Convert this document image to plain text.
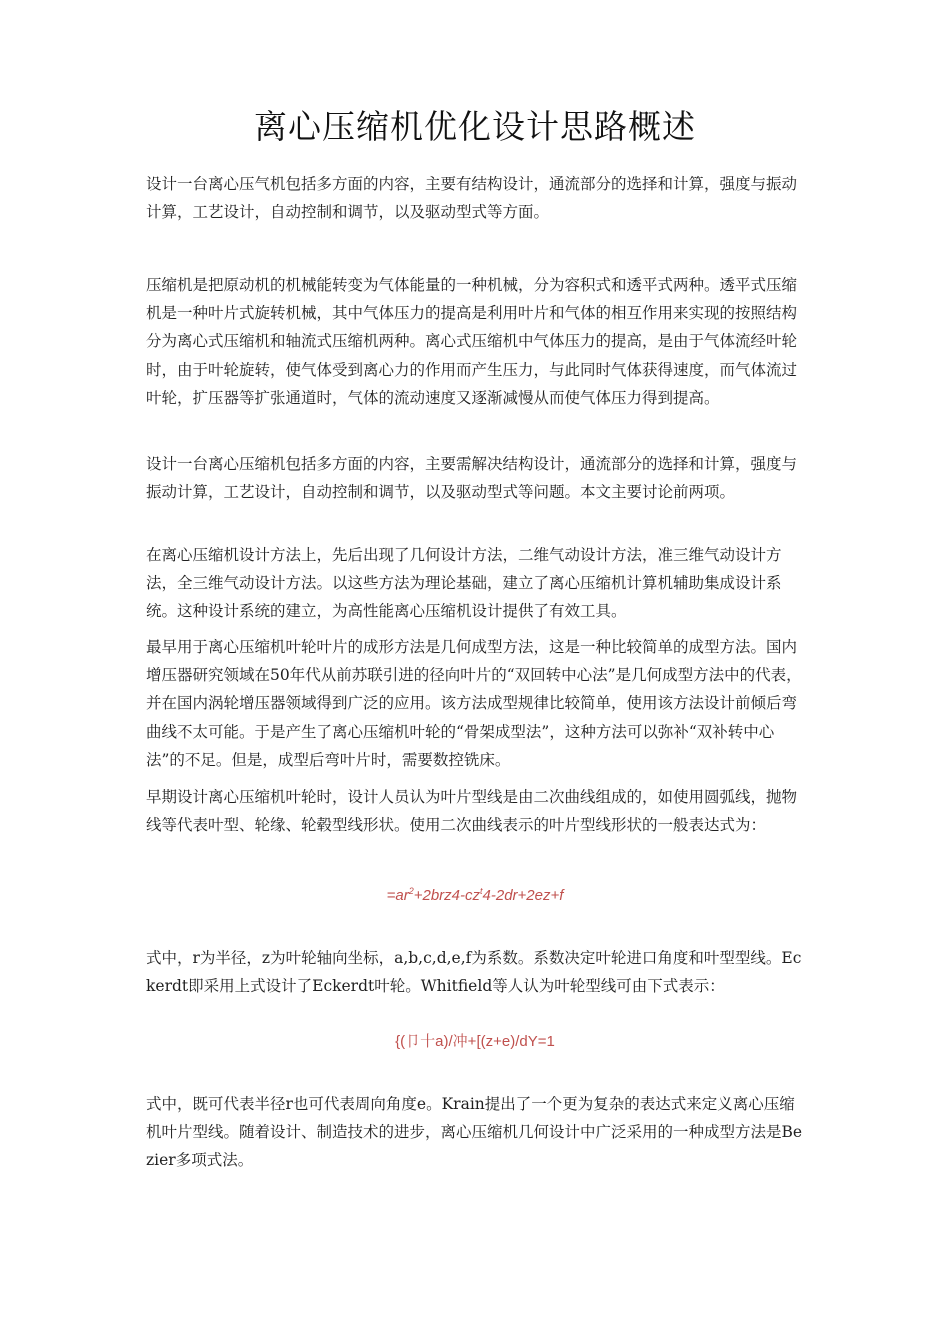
离心压缩机优化设计思路概述
设计一台离心压气机包括多方面的内容，主要有结构设计，通流部分的选择和计算，强度与振动计算，工艺设计，自动控制和调节，以及驱动型式等方面。
压缩机是把原动机的机械能转变为气体能量的一种机械，分为容积式和透平式两种。透平式压缩机是一种叶片式旋转机械，其中气体压力的提高是利用叶片和气体的相互作用来实现的按照结构分为离心式压缩机和轴流式压缩机两种。离心式压缩机中气体压力的提高，是由于气体流经叶轮时，由于叶轮旋转，使气体受到离心力的作用而产生压力，与此同时气体获得速度，而气体流过叶轮，扩压器等扩张通道时，气体的流动速度又逐渐减慢从而使气体压力得到提高。
设计一台离心压缩机包括多方面的内容，主要需解决结构设计，通流部分的选择和计算，强度与振动计算，工艺设计，自动控制和调节，以及驱动型式等问题。本文主要讨论前两项。
在离心压缩机设计方法上，先后出现了几何设计方法，二维气动设计方法，准三维气动设计方法，全三维气动设计方法。以这些方法为理论基础，建立了离心压缩机计算机辅助集成设计系统。这种设计系统的建立，为高性能离心压缩机设计提供了有效工具。
最早用于离心压缩机叶轮叶片的成形方法是几何成型方法，这是一种比较简单的成型方法。国内增压器研究领域在50年代从前苏联引进的径向叶片的“双回转中心法”是几何成型方法中的代表，并在国内涡轮增压器领域得到广泛的应用。该方法成型规律比较简单，使用该方法设计前倾后弯曲线不太可能。于是产生了离心压缩机叶轮的“骨架成型法”，这种方法可以弥补“双补转中心法”的不足。但是，成型后弯叶片时，需要数控铣床。
早期设计离心压缩机叶轮时，设计人员认为叶片型线是由二次曲线组成的，如使用圆弧线，抛物线等代表叶型、轮缘、轮毂型线形状。使用二次曲线表示的叶片型线形状的一般表达式为：
$=ar^2+2brz4-cz^t4-2dr+2ez+f$
式中，r为半径，z为叶轮轴向坐标，a,b,c,d,e,f为系数。系数决定叶轮进口角度和叶型型线。Eckerdt即采用上式设计了Eckerdt叶轮。Whitfield等人认为叶轮型线可由下式表示：
{(卩十a)/冲+[(z+e)/dY=1
式中，既可代表半径r也可代表周向角度e。Krain提出了一个更为复杂的表达式来定义离心压缩机叶片型线。随着设计、制造技术的进步，离心压缩机几何设计中广泛采用的一种成型方法是Bezier多项式法。
